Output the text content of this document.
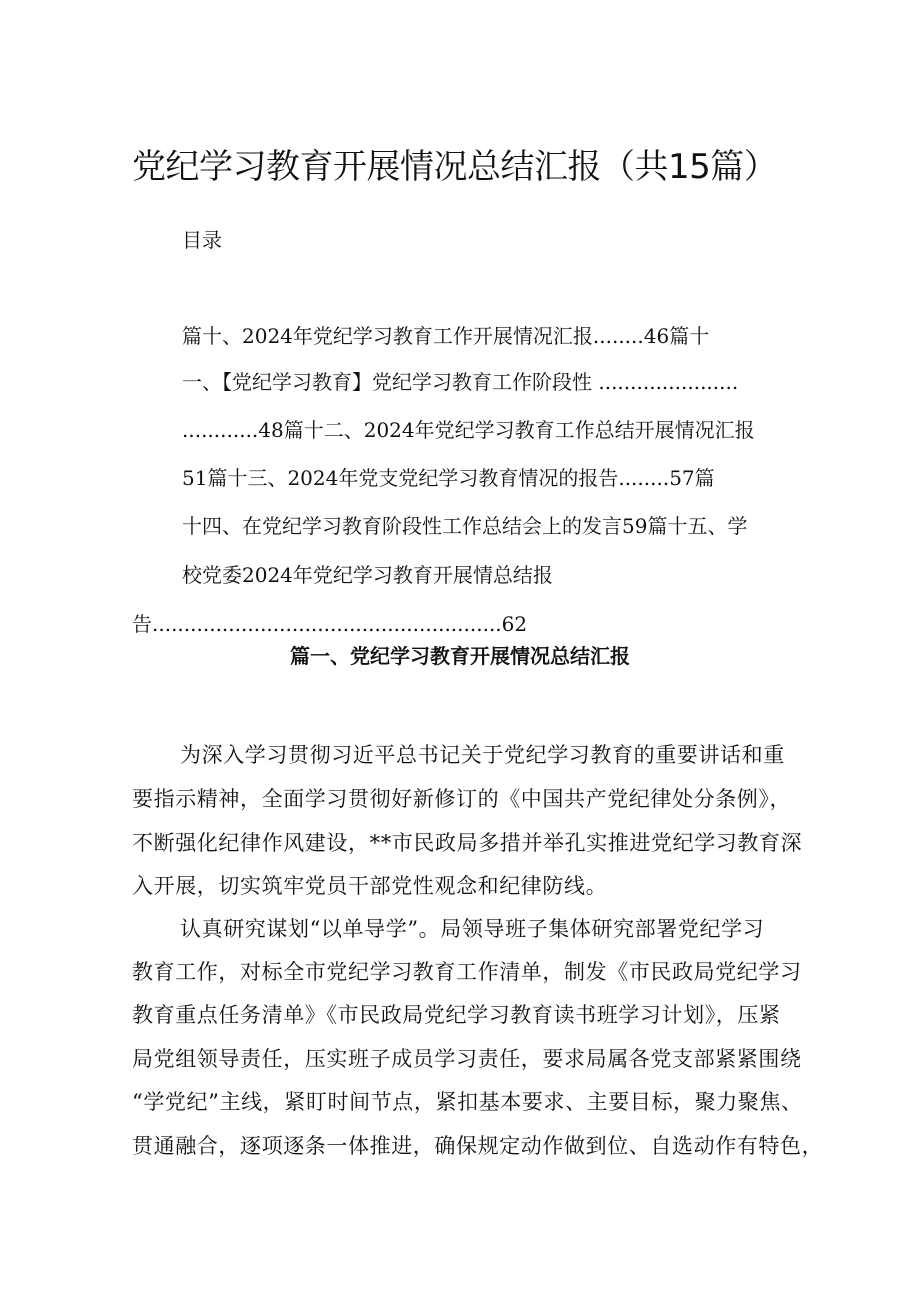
党纪学习教育开展情况总结汇报（共15篇）
目录
篇十、2024年党纪学习教育工作开展情况汇报........46篇十
一、【党纪学习教育】党纪学习教育工作阶段性 ......................
............48篇十二、2024年党纪学习教育工作总结开展情况汇报
51篇十三、2024年党支党纪学习教育情况的报告........57篇
十四、在党纪学习教育阶段性工作总结会上的发言59篇十五、学
校党委2024年党纪学习教育开展情总结报
告.......................................................62
篇一、党纪学习教育开展情况总结汇报
为深入学习贯彻习近平总书记关于党纪学习教育的重要讲话和重
要指示精神，全面学习贯彻好新修订的《中国共产党纪律处分条例》，
不断强化纪律作风建设，**市民政局多措并举孔实推进党纪学习教育深
入开展，切实筑牢党员干部党性观念和纪律防线。
认真研究谋划“以单导学”。局领导班子集体研究部署党纪学习
教育工作，对标全市党纪学习教育工作清单，制发《市民政局党纪学习
教育重点任务清单》《市民政局党纪学习教育读书班学习计划》，压紧
局党组领导责任，压实班子成员学习责任，要求局属各党支部紧紧围绕
“学党纪”主线，紧盯时间节点，紧扣基本要求、主要目标，聚力聚焦、
贯通融合，逐项逐条一体推进，确保规定动作做到位、自选动作有特色，
